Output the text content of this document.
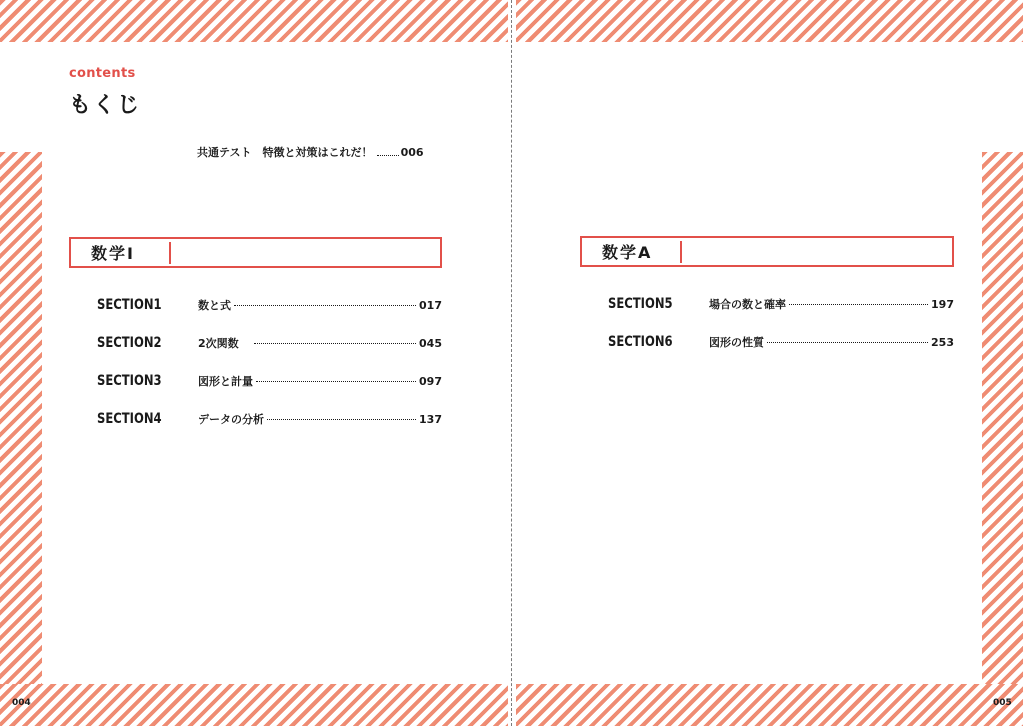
contents
もくじ
共通テスト　特徴と対策はこれだ！	006
数学Ⅰ
SECTION1	数と式	017
SECTION2	2次関数	045
SECTION3	図形と計量	097
SECTION4	データの分析	137
004
数学A
SECTION5	場合の数と確率	197
SECTION6	図形の性質	253
005
